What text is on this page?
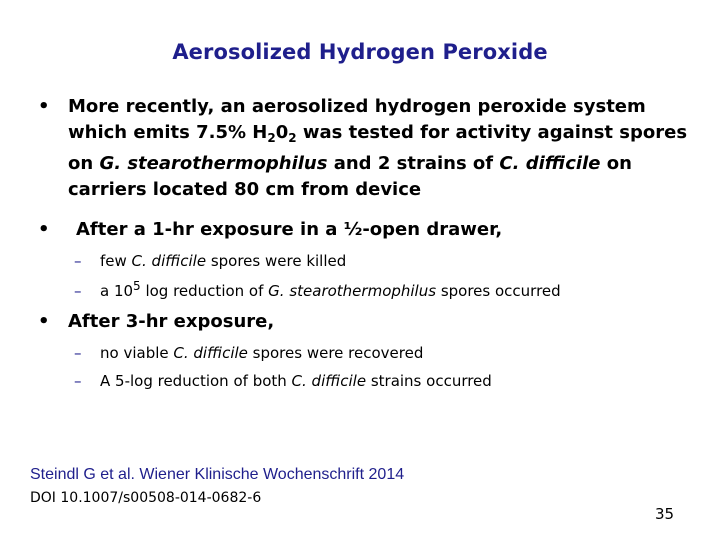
Aerosolized Hydrogen Peroxide
• More recently, an aerosolized hydrogen peroxide system which emits 7.5% $H_20_2$ was tested for activity against spores on G. stearothermophilus and 2 strains of C. difficile on carriers located 80 cm from device
• After a 1-hr exposure in a ½-open drawer,
– few C. difficile spores were killed
– a $10^5$ log reduction of G. stearothermophilus spores occurred
• After 3-hr exposure,
– no viable C. difficile spores were recovered
– A 5-log reduction of both C. difficile strains occurred
Steindl G et al. Wiener Klinische Wochenschrift 2014
DOI 10.1007/s00508-014-0682-6
35
